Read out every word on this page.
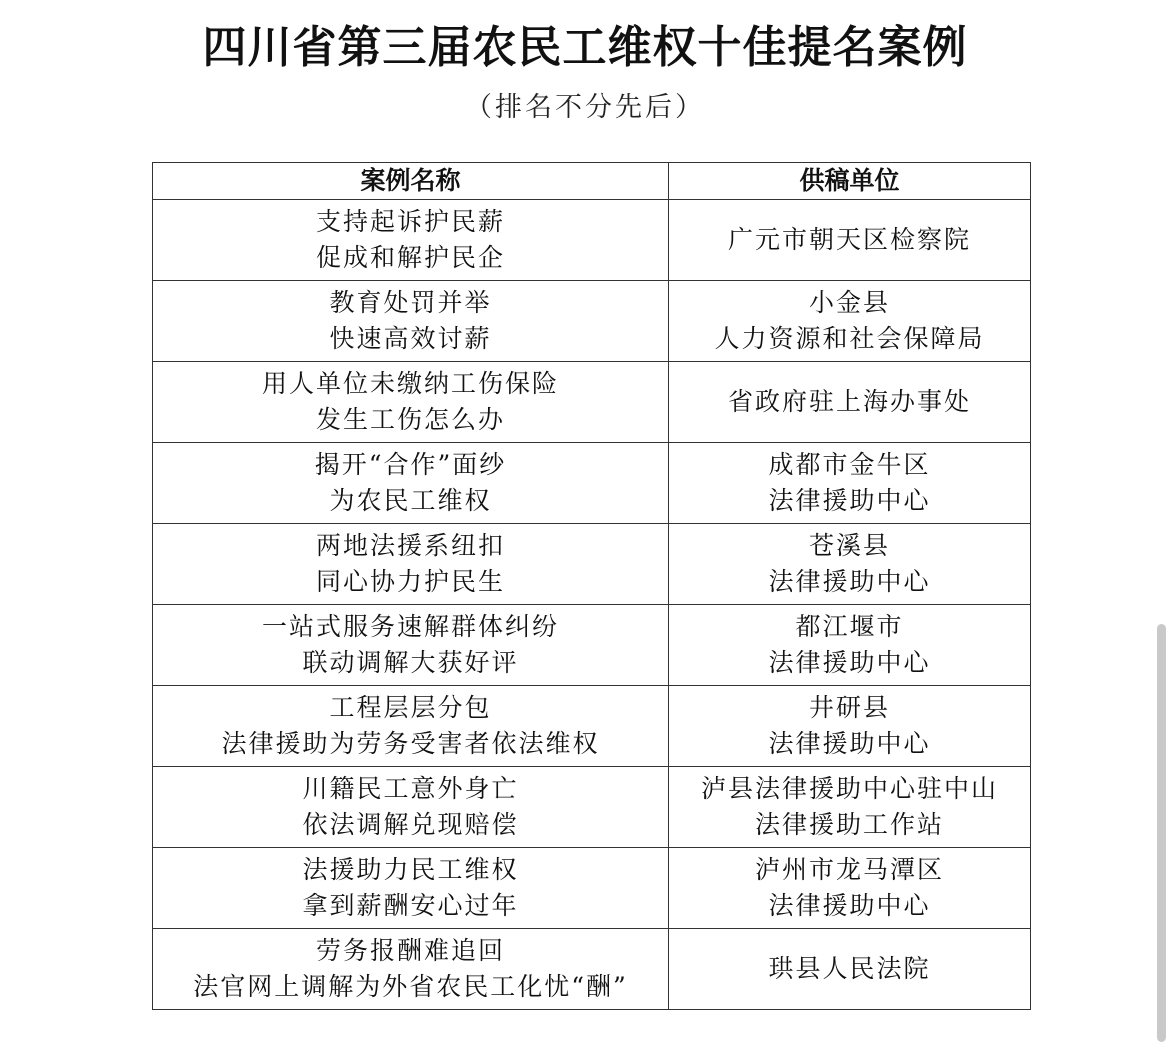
四川省第三届农民工维权十佳提名案例
（排名不分先后）
案例名称	供稿单位

支持起诉护民薪
促成和解护民企	广元市朝天区检察院

教育处罚并举
快速高效讨薪	小金县
人力资源和社会保障局

用人单位未缴纳工伤保险
发生工伤怎么办	省政府驻上海办事处

揭开“合作”面纱
为农民工维权	成都市金牛区
法律援助中心

两地法援系纽扣
同心协力护民生	苍溪县
法律援助中心

一站式服务速解群体纠纷
联动调解大获好评	都江堰市
法律援助中心

工程层层分包
法律援助为劳务受害者依法维权	井研县
法律援助中心

川籍民工意外身亡
依法调解兑现赔偿	泸县法律援助中心驻中山
法律援助工作站

法援助力民工维权
拿到薪酬安心过年	泸州市龙马潭区
法律援助中心

劳务报酬难追回
法官网上调解为外省农民工化忧“酬”	珙县人民法院
